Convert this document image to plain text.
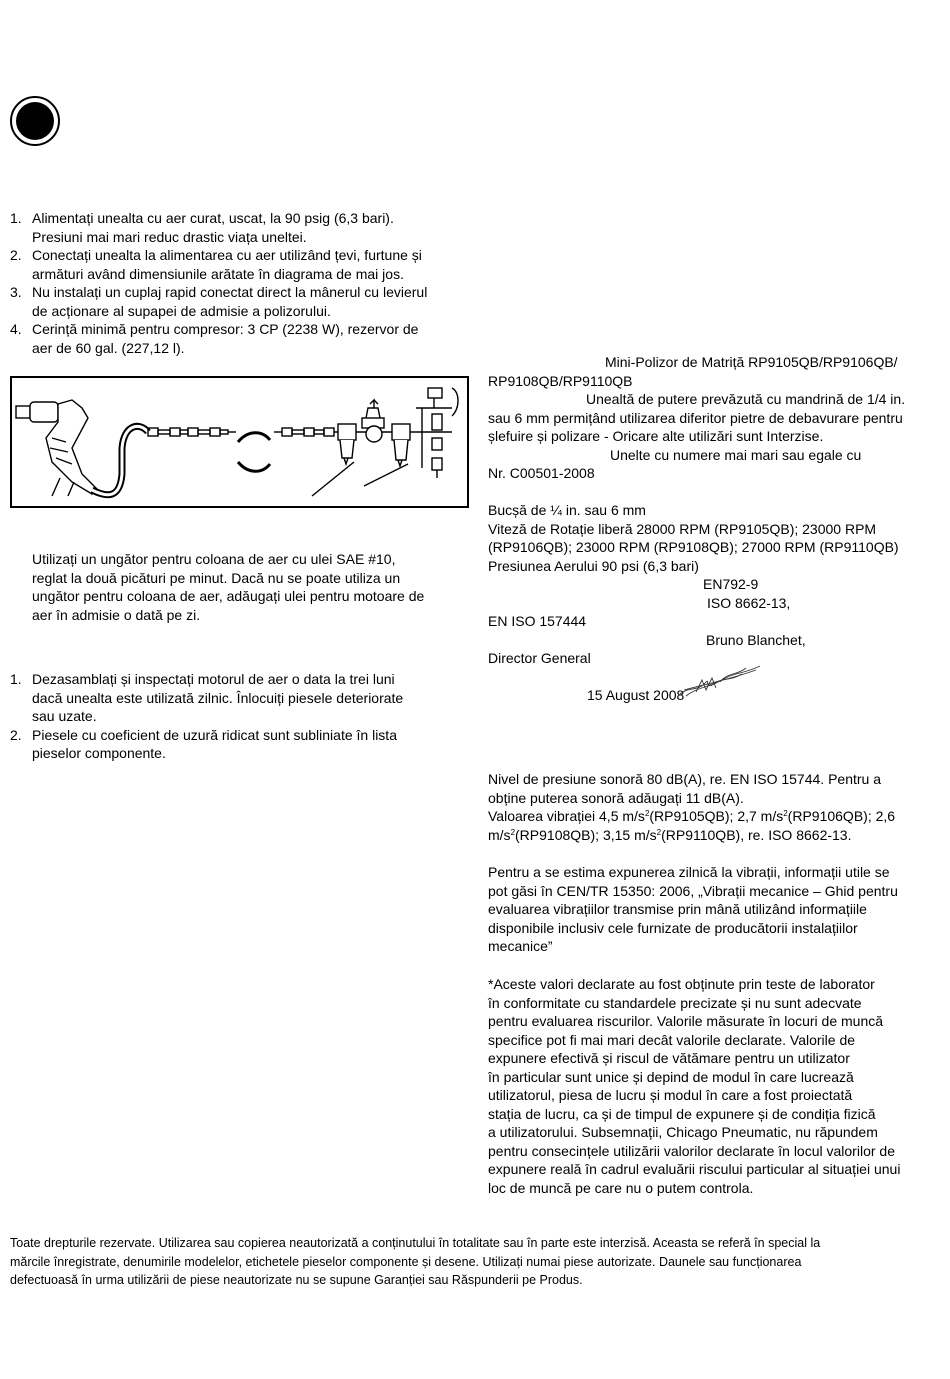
1. Alimentați unealta cu aer curat, uscat, la 90 psig (6,3 bari).
Presiuni mai mari reduc drastic viața uneltei.
2. Conectați unealta la alimentarea cu aer utilizând țevi, furtune și
armături având dimensiunile arătate în diagrama de mai jos.
3. Nu instalați un cuplaj rapid conectat direct la mânerul cu levierul
de acționare al supapei de admisie a polizorului.
4. Cerință minimă pentru compresor: 3 CP (2238 W), rezervor de
aer de 60 gal. (227,12 l).
Utilizați un ungător pentru coloana de aer cu ulei SAE #10,
reglat la două picături pe minut. Dacă nu se poate utiliza un
ungător pentru coloana de aer, adăugați ulei pentru motoare de
aer în admisie o dată pe zi.
1. Dezasamblați și inspectați motorul de aer o data la trei luni
dacă unealta este utilizată zilnic. Înlocuiți piesele deteriorate
sau uzate.
2. Piesele cu coeficient de uzură ridicat sunt subliniate în lista
pieselor componente.
Mini-Polizor de Matriță RP9105QB/RP9106QB/
RP9108QB/RP9110QB
Unealtă de putere prevăzută cu mandrină de 1/4 in.
sau 6 mm permițând utilizarea diferitor pietre de debavurare pentru
șlefuire și polizare - Oricare alte utilizări sunt Interzise.
Unelte cu numere mai mari sau egale cu
Nr. C00501-2008

Bucșă de ¼ in. sau 6 mm
Viteză de Rotație liberă 28000 RPM (RP9105QB); 23000 RPM
(RP9106QB); 23000 RPM (RP9108QB); 27000 RPM (RP9110QB)
Presiunea Aerului 90 psi (6,3 bari)
EN792-9
ISO 8662-13,
EN ISO 157444
Bruno Blanchet,
Director General

15 August 2008
Nivel de presiune sonoră 80 dB(A), re. EN ISO 15744. Pentru a
obține puterea sonoră adăugați 11 dB(A).
Valoarea vibrației 4,5 $m/s^2(RP9105QB)$; 2,7 $m/s^2(RP9106QB)$; 2,6
$m/s^2(RP9108QB)$; 3,15 $m/s^2(RP9110QB)$, re. ISO 8662-13.
Pentru a se estima expunerea zilnică la vibrații, informații utile se
pot găsi în CEN/TR 15350: 2006, „Vibrații mecanice – Ghid pentru
evaluarea vibrațiilor transmise prin mână utilizând informațiile
disponibile inclusiv cele furnizate de producătorii instalațiilor
mecanice”
*Aceste valori declarate au fost obținute prin teste de laborator
în conformitate cu standardele precizate și nu sunt adecvate
pentru evaluarea riscurilor. Valorile măsurate în locuri de muncă
specifice pot fi mai mari decât valorile declarate. Valorile de
expunere efectivă și riscul de vătămare pentru un utilizator
în particular sunt unice și depind de modul în care lucrează
utilizatorul, piesa de lucru și modul în care a fost proiectată
stația de lucru, ca și de timpul de expunere și de condiția fizică
a utilizatorului. Subsemnații, Chicago Pneumatic, nu răpundem
pentru consecințele utilizării valorilor declarate în locul valorilor de
expunere reală în cadrul evaluării riscului particular al situației unui
loc de muncă pe care nu o putem controla.
Toate drepturile rezervate. Utilizarea sau copierea neautorizată a conținutului în totalitate sau în parte este interzisă. Aceasta se referă în special la
mărcile înregistrate, denumirile modelelor, etichetele pieselor componente și desene. Utilizați numai piese autorizate. Daunele sau funcționarea
defectuoasă în urma utilizării de piese neautorizate nu se supune Garanției sau Răspunderii pe Produs.
